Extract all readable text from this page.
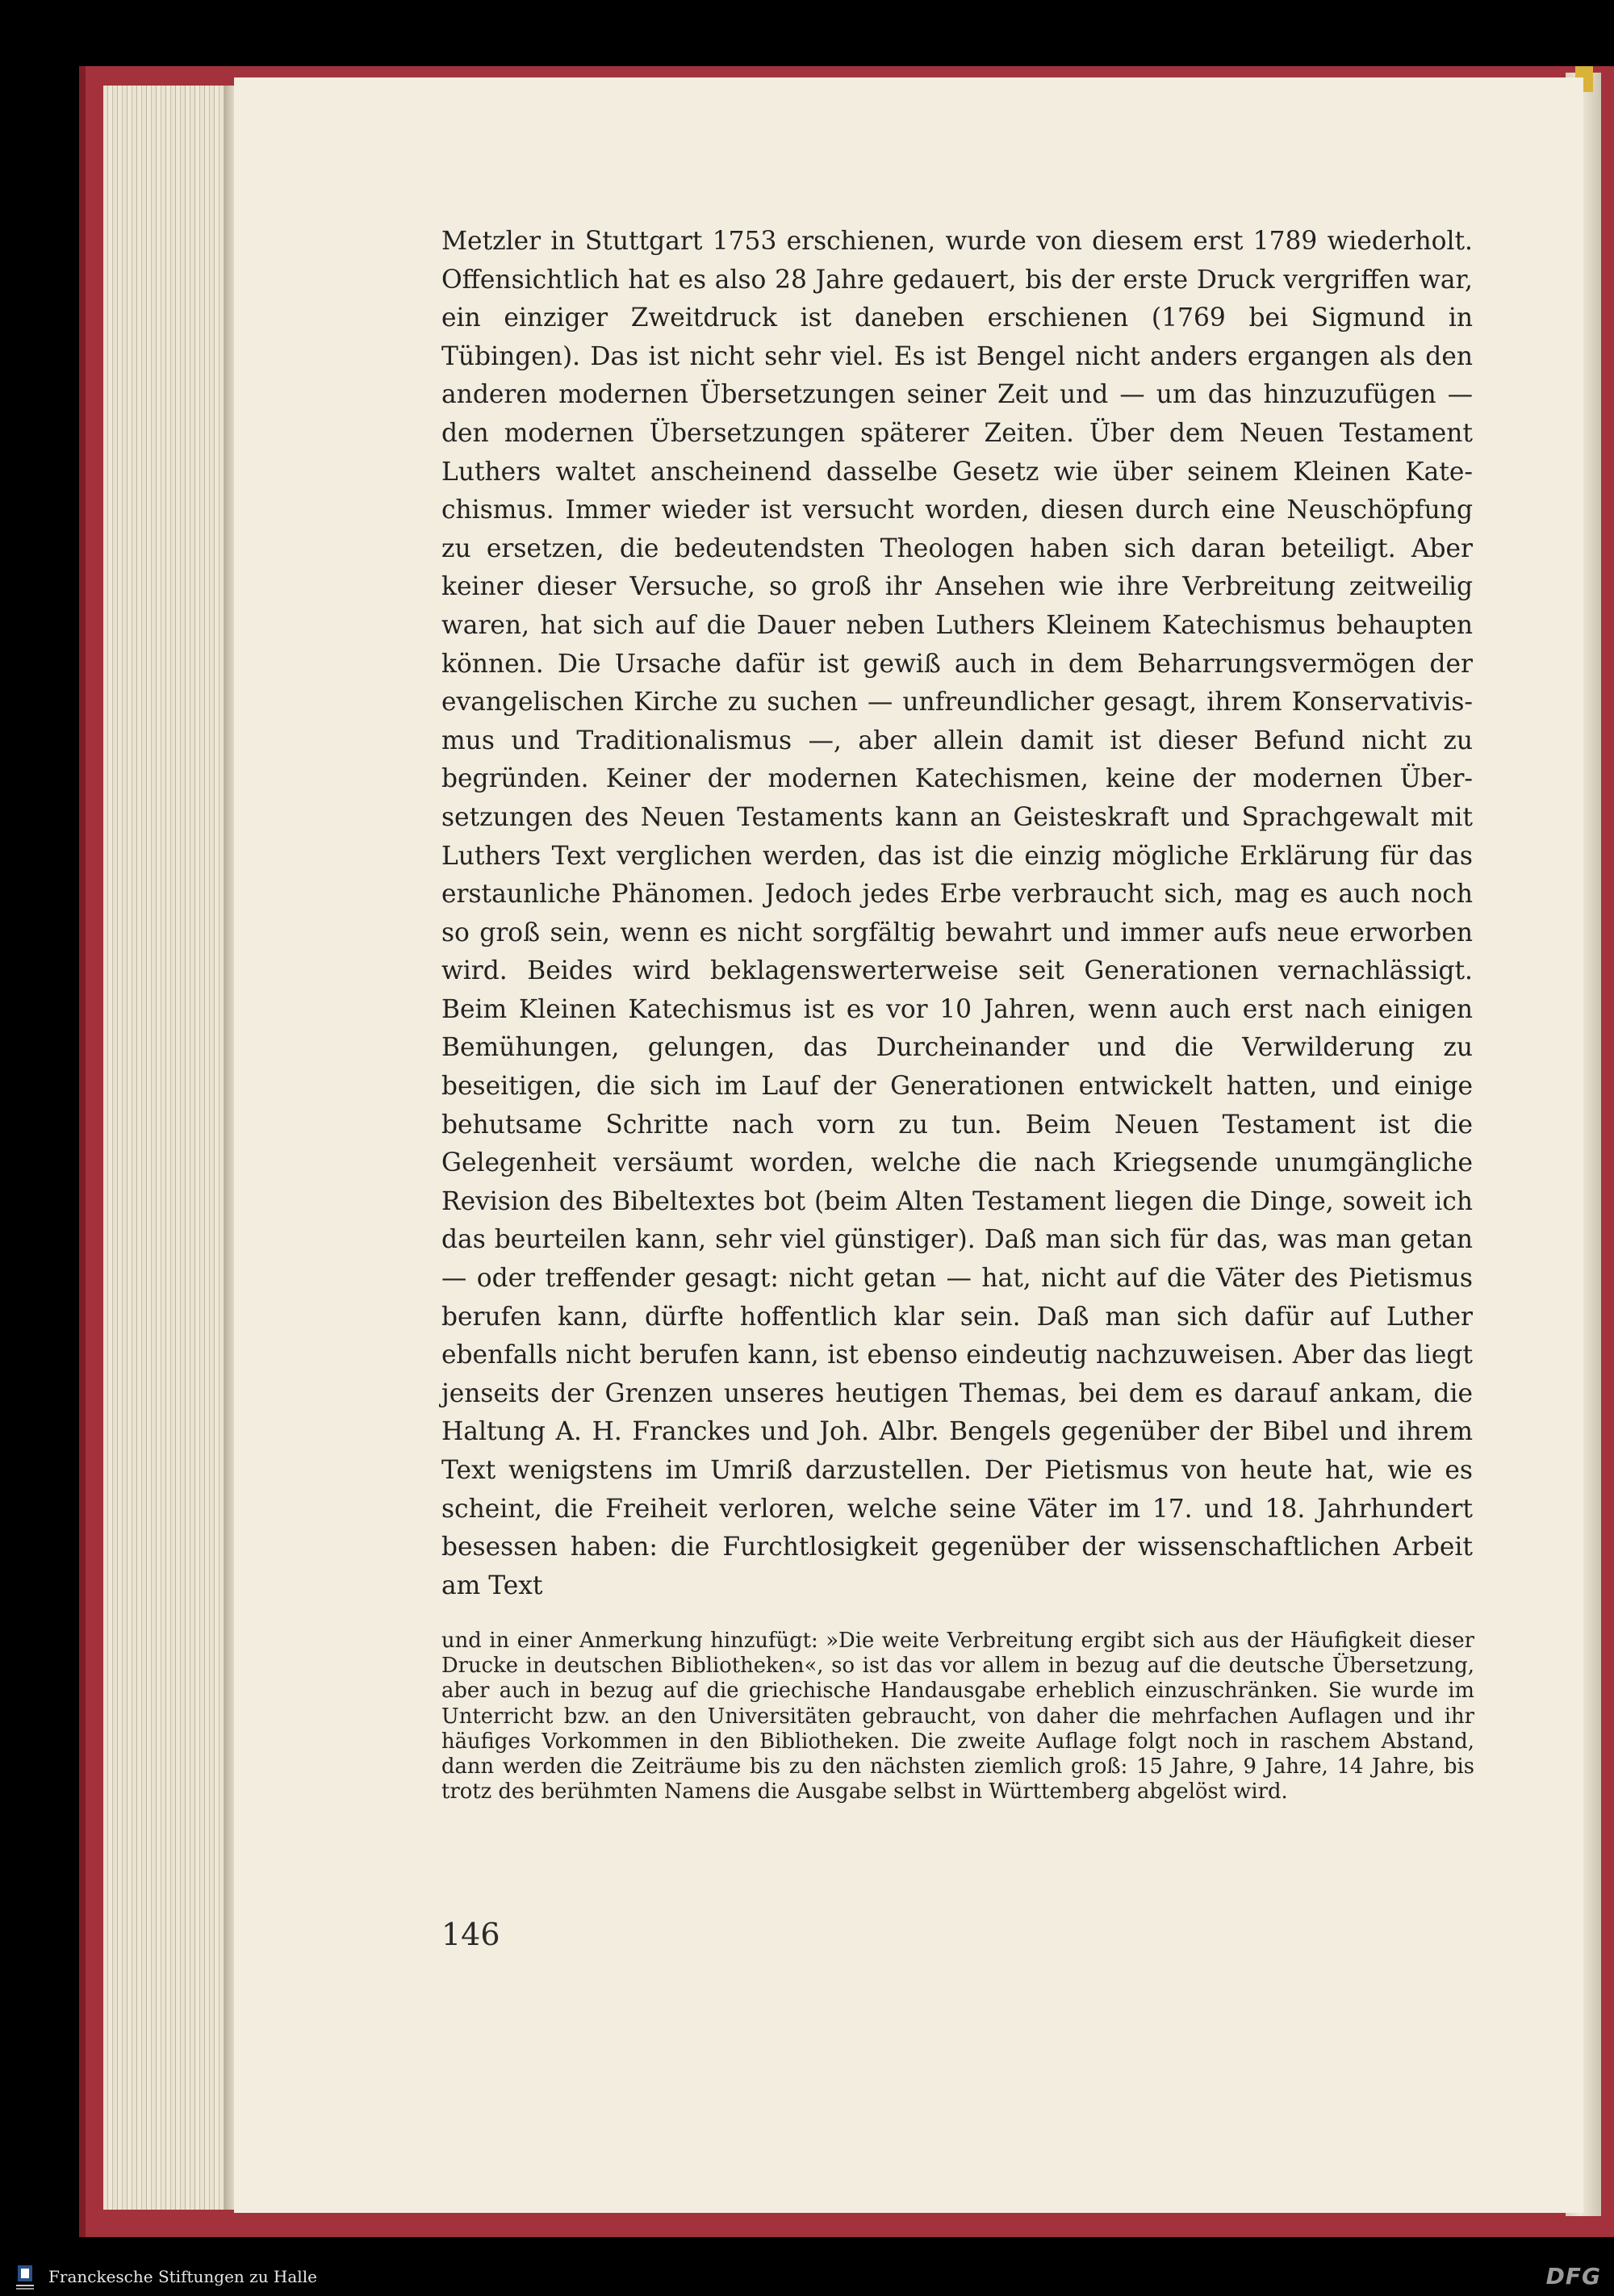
Metzler in Stuttgart 1753 erschienen, wurde von diesem erst 1789 wiederholt. Offensichtlich hat es also 28 Jahre gedauert, bis der erste Druck vergriffen war, ein einziger Zweitdruck ist daneben erschienen (1769 bei Sigmund in Tübingen). Das ist nicht sehr viel. Es ist Bengel nicht anders ergangen als den anderen modernen Übersetzungen seiner Zeit und — um das hinzuzufügen — den modernen Übersetzungen späterer Zeiten. Über dem Neuen Testament Luthers waltet anscheinend dasselbe Gesetz wie über seinem Kleinen Katechismus. Immer wieder ist versucht worden, diesen durch eine Neuschöpfung zu ersetzen, die bedeutendsten Theologen haben sich daran beteiligt. Aber keiner dieser Versuche, so groß ihr Ansehen wie ihre Verbreitung zeitweilig waren, hat sich auf die Dauer neben Luthers Kleinem Katechismus behaupten können. Die Ursache dafür ist gewiß auch in dem Beharrungsvermögen der evangelischen Kirche zu suchen — unfreundlicher gesagt, ihrem Konservativismus und Traditionalismus —, aber allein damit ist dieser Befund nicht zu begründen. Keiner der modernen Katechismen, keine der modernen Übersetzungen des Neuen Testaments kann an Geisteskraft und Sprachgewalt mit Luthers Text verglichen werden, das ist die einzig mögliche Erklärung für das erstaunliche Phänomen. Jedoch jedes Erbe verbraucht sich, mag es auch noch so groß sein, wenn es nicht sorgfältig bewahrt und immer aufs neue erworben wird. Beides wird beklagenswerterweise seit Generationen vernachlässigt. Beim Kleinen Katechismus ist es vor 10 Jahren, wenn auch erst nach einigen Bemühungen, gelungen, das Durcheinander und die Verwilderung zu beseitigen, die sich im Lauf der Generationen entwickelt hatten, und einige behutsame Schritte nach vorn zu tun. Beim Neuen Testament ist die Gelegenheit versäumt worden, welche die nach Kriegsende unumgängliche Revision des Bibeltextes bot (beim Alten Testament liegen die Dinge, soweit ich das beurteilen kann, sehr viel günstiger). Daß man sich für das, was man getan — oder treffender gesagt: nicht getan — hat, nicht auf die Väter des Pietismus berufen kann, dürfte hoffentlich klar sein. Daß man sich dafür auf Luther ebenfalls nicht berufen kann, ist ebenso eindeutig nachzuweisen. Aber das liegt jenseits der Grenzen unseres heutigen Themas, bei dem es darauf ankam, die Haltung A. H. Franckes und Joh. Albr. Bengels gegenüber der Bibel und ihrem Text wenigstens im Umriß darzustellen. Der Pietismus von heute hat, wie es scheint, die Freiheit verloren, welche seine Väter im 17. und 18. Jahrhundert besessen haben: die Furchtlosigkeit gegenüber der wissenschaftlichen Arbeit am Text

und in einer Anmerkung hinzufügt: »Die weite Verbreitung ergibt sich aus der Häufigkeit dieser Drucke in deutschen Bibliotheken«, so ist das vor allem in bezug auf die deutsche Übersetzung, aber auch in bezug auf die griechische Handausgabe erheblich einzuschränken. Sie wurde im Unterricht bzw. an den Universitäten gebraucht, von daher die mehrfachen Auflagen und ihr häufiges Vorkommen in den Bibliotheken. Die zweite Auflage folgt noch in raschem Abstand, dann werden die Zeiträume bis zu den nächsten ziemlich groß: 15 Jahre, 9 Jahre, 14 Jahre, bis trotz des berühmten Namens die Ausgabe selbst in Württemberg abgelöst wird.

146

Franckesche Stiftungen zu Halle	DFG
